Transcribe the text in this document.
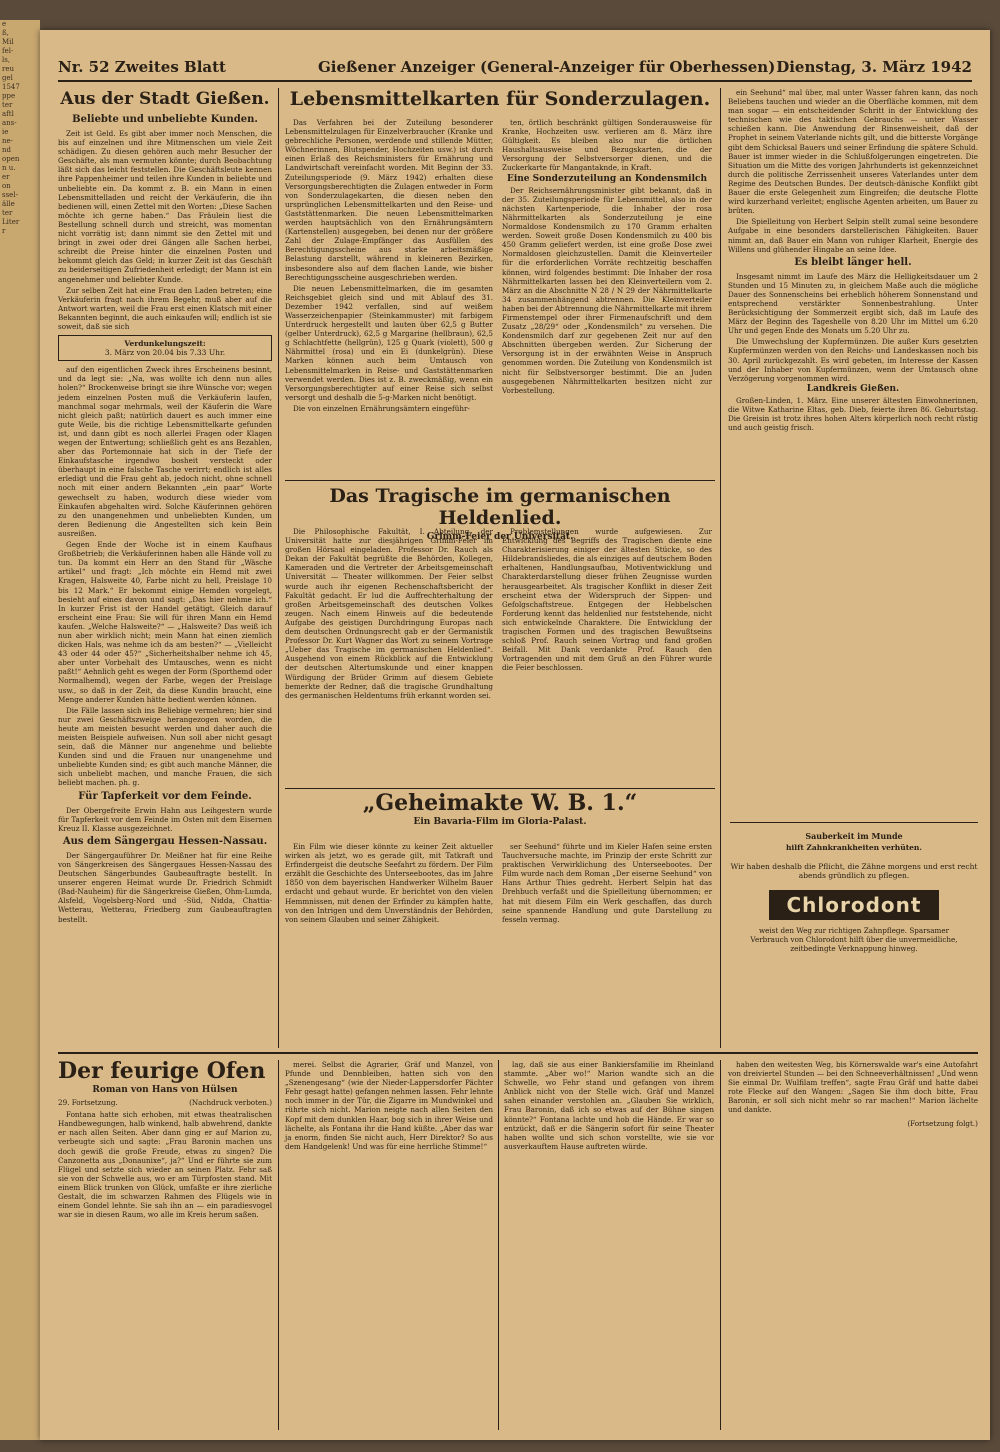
e
ß,
Mil
fel-
ls,
reu
gel
1547
ppe
ter
aftl
ans-
ie
ne-
nd
open
n u.
er
on
ssel-
älle
ter
Liter
r
Nr. 52 Zweites Blatt	Gießener Anzeiger (General-Anzeiger für Oberhessen) Dienstag, 3. März 1942
Aus der Stadt Gießen.
Beliebte und unbeliebte Kunden.

Zeit ist Geld. Es gibt aber immer noch Menschen, die bis auf einzelnen und ihre Mitmenschen um viele Zeit schädigen. Zu diesen gehören auch mehr Besucher der Geschäfte, als man vermuten könnte; durch Beobachtung läßt sich das leicht feststellen. Die Geschäftsleute kennen ihre Pappenheimer und teilen ihre Kunden in beliebte und unbeliebte ein. Da kommt z. B. ein Mann in einen Lebensmittelladen und reicht der Verkäuferin, die ihn bedienen will, einen Zettel mit den Worten: „Diese Sachen möchte ich gerne haben.“ Das Fräulein liest die Bestellung schnell durch und streicht, was momentan nicht vorrätig ist; dann nimmt sie den Zettel mit und bringt in zwei oder drei Gängen alle Sachen herbei, schreibt die Preise hinter die einzelnen Posten und bekommt gleich das Geld; in kurzer Zeit ist das Geschäft zu beiderseitigen Zufriedenheit erledigt; der Mann ist ein angenehmer und beliebter Kunde.

Zur selben Zeit hat eine Frau den Laden betreten; eine Verkäuferin fragt nach ihrem Begehr, muß aber auf die Antwort warten, weil die Frau erst einen Klatsch mit einer Bekannten beginnt, die auch einkaufen will; endlich ist sie soweit, daß sie sich

Verdunkelungszeit:
3. März von 20.04 bis 7.33 Uhr.

auf den eigentlichen Zweck ihres Erscheinens besinnt, und da legt sie: „Na, was wollte ich denn nun alles holen?“ Brockenweise bringt sie ihre Wünsche vor; wegen jedem einzelnen Posten muß die Verkäuferin laufen, manchmal sogar mehrmals, weil der Käuferin die Ware nicht gleich paßt; natürlich dauert es auch immer eine gute Weile, bis die richtige Lebensmittelkarte gefunden ist, und dann gibt es noch allerlei Fragen oder Klagen wegen der Entwertung; schließlich geht es ans Bezahlen, aber das Portemonnaie hat sich in der Tiefe der Einkaufstasche irgendwo bosheit versteckt oder überhaupt in eine falsche Tasche verirrt; endlich ist alles erledigt und die Frau geht ab, jedoch nicht, ohne schnell noch mit einer andern Bekannten „ein paar“ Worte gewechselt zu haben, wodurch diese wieder vom Einkaufen abgehalten wird. Solche Käuferinnen gehören zu den unangenehmen und unbeliebten Kunden, um deren Bedienung die Angestellten sich kein Bein ausreißen.

Gegen Ende der Woche ist in einem Kaufhaus Großbetrieb; die Verkäuferinnen haben alle Hände voll zu tun. Da kommt ein Herr an den Stand für „Wäsche artikel“ und fragt: „Ich möchte ein Hemd mit zwei Kragen, Halsweite 40, Farbe nicht zu hell, Preislage 10 bis 12 Mark.“ Er bekommt einige Hemden vorgelegt, besieht auf eines davon und sagt: „Das hier nehme ich.“ In kurzer Frist ist der Handel getätigt. Gleich darauf erscheint eine Frau: Sie will für ihren Mann ein Hemd kaufen. „Welche Halsweite?“ — „Halsweite? Das weiß ich nun aber wirklich nicht; mein Mann hat einen ziemlich dicken Hals, was nehme ich da am besten?“ — „Vielleicht 43 oder 44 oder 45?“ „Sicherheitshalber nehme ich 45, aber unter Vorbehalt des Umtausches, wenn es nicht paßt!“ Aehnlich geht es wegen der Form (Sporthemd oder Normalhemd), wegen der Farbe, wegen der Preislage usw., so daß in der Zeit, da diese Kundin braucht, eine Menge anderer Kunden hätte bedient werden können.

Die Fälle lassen sich ins Beliebige vermehren; hier sind nur zwei Geschäftszweige herangezogen worden, die heute am meisten besucht werden und daher auch die meisten Beispiele aufweisen. Nun soll aber nicht gesagt sein, daß die Männer nur angenehme und beliebte Kunden sind und die Frauen nur unangenehme und unbeliebte Kunden sind; es gibt auch manche Männer, die sich unbeliebt machen, und manche Frauen, die sich beliebt machen. ph. g.

Für Tapferkeit vor dem Feinde.

Der Obergefreite Erwin Hahn aus Leihgestern wurde für Tapferkeit vor dem Feinde im Osten mit dem Eisernen Kreuz II. Klasse ausgezeichnet.

Aus dem Sängergau Hessen-Nassau.

Der Sängergauführer Dr. Meißner hat für eine Reihe von Sängerkreisen des Sängergaues Hessen-Nassau des Deutschen Sängerbundes Gaubeauftragte bestellt. In unserer engeren Heimat wurde Dr. Friedrich Schmidt (Bad-Nauheim) für die Sängerkreise Gießen, Ohm-Lumda, Alsfeld, Vogelsberg-Nord und -Süd, Nidda, Chattia-Wetterau, Wetterau, Friedberg zum Gaubeauftragten bestellt.

Lebensmittelkarten für Sonderzulagen.

Das Verfahren bei der Zuteilung besonderer Lebensmittelzulagen für Einzelverbraucher (Kranke und gebrechliche Personen, werdende und stillende Mütter, Wöchnerinnen, Blutspender, Hochzeiten usw.) ist durch einen Erlaß des Reichsministers für Ernährung und Landwirtschaft vereinfacht worden. Mit Beginn der 33. Zuteilungsperiode (9. März 1942) erhalten diese Versorgungsberechtigten die Zulagen entweder in Form von Sonderzulagekarten, die diesen neben den ursprünglichen Lebensmittelkarten und den Reise- und Gaststättenmarken. Die neuen Lebensmittelmarken werden hauptsächlich von den Ernährungsämtern (Kartenstellen) ausgegeben, bei denen nur der größere Zahl der Zulage-Empfänger das Ausfüllen des Berechtigungsscheine aus starke arbeitsmäßige Belastung darstellt, während in kleineren Bezirken, insbesondere also auf dem flachen Lande, wie bisher Berechtigungsscheine ausgeschrieben werden.

Die neuen Lebensmittelmarken, die im gesamten Reichsgebiet gleich sind und mit Ablauf des 31. Dezember 1942 verfallen, sind auf weißem Wasserzeichenpapier (Steinkammuster) mit farbigem Unterdruck hergestellt und lauten über 62,5 g Butter (gelber Unterdruck), 62,5 g Margarine (hellbraun), 62,5 g Schlachtfette (hellgrün), 125 g Quark (violett), 500 g Nährmittel (rosa) und ein Ei (dunkelgrün). Diese Marken können auch beim Umtausch von Lebensmittelmarken in Reise- und Gaststättenmarken verwendet werden. Dies ist z. B. zweckmäßig, wenn ein Versorgungsberechtigter auf einer Reise sich selbst versorgt und deshalb die 5-g-Marken nicht benötigt.

Die von einzelnen Ernährungsämtern eingeführ-

ten, örtlich beschränkt gültigen Sonderausweise für Kranke, Hochzeiten usw. verlieren am 8. März ihre Gültigkeit. Es bleiben also nur die örtlichen Haushaltsausweise und Bezugskarten, die der Versorgung der Selbstversorger dienen, und die Zuckerkarte für Mangantaknde, in Kraft.

Eine Sonderzuteilung an Kondensmilch

Der Reichsernährungsminister gibt bekannt, daß in der 35. Zuteilungsperiode für Lebensmittel, also in der nächsten Kartenperiode, die Inhaber der rosa Nährmittelkarten als Sonderzuteilung je eine Normaldose Kondensmilch zu 170 Gramm erhalten werden. Soweit große Dosen Kondensmilch zu 400 bis 450 Gramm geliefert werden, ist eine große Dose zwei Normaldosen gleichzustellen. Damit die Kleinverteiler für die erforderlichen Vorräte rechtzeitig beschaffen können, wird folgendes bestimmt: Die Inhaber der rosa Nährmittelkarten lassen bei den Kleinverteilern vom 2. März an die Abschnitte N 28 / N 29 der Nährmittelkarte 34 zusammenhängend abtrennen. Die Kleinverteiler haben bei der Abtrennung die Nährmittelkarte mit ihrem Firmenstempel oder ihrer Firmenaufschrift und dem Zusatz „28/29“ oder „Kondensmilch“ zu versehen. Die Kondensmilch darf zur gegebenen Zeit nur auf den Abschnitten übergeben werden. Zur Sicherung der Versorgung ist in der erwähnten Weise in Anspruch genommen worden. Die Zuteilung von Kondensmilch ist nicht für Selbstversorger bestimmt. Die an Juden ausgegebenen Nährmittelkarten besitzen nicht zur Vorbestellung.

Das Tragische im germanischen Heldenlied.
Grimm-Feier der Universität.

Die Philosophische Fakultät, I. Abteilung, der Universität hatte zur diesjährigen Grimm-Feier im großen Hörsaal eingeladen. Professor Dr. Rauch als Dekan der Fakultät begrüßte die Behörden, Kollegen, Kameraden und die Vertreter der Arbeitsgemeinschaft Universität — Theater willkommen. Der Feier selbst wurde auch ihr eigenen Rechenschaftsbericht der Fakultät gedacht. Er lud die Auffrechterhaltung der großen Arbeitsgemeinschaft des deutschen Volkes zeugen. Nach einem Hinweis auf die bedeutende Aufgabe des geistigen Durchdringung Europas nach dem deutschen Ordnungsrecht gab er der Germanistik Professor Dr. Kurt Wagner das Wort zu seinem Vortrage „Ueber das Tragische im germanischen Heldenlied“. Ausgehend von einem Rückblick auf die Entwicklung der deutschen Altertumskunde und einer knappen Würdigung der Brüder Grimm auf diesem Gebiete bemerkte der Redner, daß die tragische Grundhaltung des germanischen Heldentums früh erkannt worden sei.

Problemstellungen wurde aufgewiesen. Zur Entwicklung des Begriffs des Tragischen diente eine Charakterisierung einiger der ältesten Stücke, so des Hildebrandsliedes, die als einziges auf deutschem Boden erhaltenen, Handlungsaufbau, Motiventwicklung und Charakterdarstellung dieser frühen Zeugnisse wurden herausgearbeitet. Als tragischer Konflikt in dieser Zeit erscheint etwa der Widerspruch der Sippen- und Gefolgschaftstreue. Entgegen der Hebbelschen Forderung kennt das heldenlied nur feststehende, nicht sich entwickelnde Charaktere. Die Entwicklung der tragischen Formen und des tragischen Bewußtseins schloß Prof. Rauch seinen Vortrag und fand großen Beifall. Mit Dank verdankte Prof. Rauch den Vortragenden und mit dem Gruß an den Führer wurde die Feier beschlossen.

„Geheimakte W. B. 1.“
Ein Bavaria-Film im Gloria-Palast.

Ein Film wie dieser könnte zu keiner Zeit aktueller wirken als jetzt, wo es gerade gilt, mit Tatkraft und Erfindergeist die deutsche Seefahrt zu fördern. Der Film erzählt die Geschichte des Unterseebootes, das im Jahre 1850 von dem bayerischen Handwerker Wilhelm Bauer erdacht und gebaut wurde. Er berichtet von den vielen Hemmnissen, mit denen der Erfinder zu kämpfen hatte, von den Intrigen und dem Unverständnis der Behörden, von seinem Glauben und seiner Zähigkeit.

ser Seehund“ führte und im Kieler Hafen seine ersten Tauchversuche machte, im Prinzip der erste Schritt zur praktischen Verwirklichung des Unterseebootes. Der Film wurde nach dem Roman „Der eiserne Seehund“ von Hans Arthur Thies gedreht. Herbert Selpin hat das Drehbuch verfaßt und die Spielleitung übernommen; er hat mit diesem Film ein Werk geschaffen, das durch seine spannende Handlung und gute Darstellung zu fesseln vermag.

ein Seehund“ mal über, mal unter Wasser fahren kann, das noch Beliebens tauchen und wieder an die Oberfläche kommen, mit dem man sogar — ein entscheidender Schritt in der Entwicklung des technischen wie des taktischen Gebrauchs — unter Wasser schießen kann. Die Anwendung der Rinsenweisheit, daß der Prophet in seinem Vaterlande nichts gilt, und die bitterste Vorgänge gibt dem Schicksal Bauers und seiner Erfindung die spätere Schuld. Bauer ist immer wieder in die Schlußfolgerungen eingetreten. Die Situation um die Mitte des vorigen Jahrhunderts ist gekennzeichnet durch die politische Zerrissenheit unseres Vaterlandes unter dem Regime des Deutschen Bundes. Der deutsch-dänische Konflikt gibt Bauer die erste Gelegenheit zum Eingreifen; die deutsche Flotte wird kurzerhand verleitet; englische Agenten arbeiten, um Bauer zu brüten.

Die Spielleitung von Herbert Selpin stellt zumal seine besondere Aufgabe in eine besonders darstellerischen Fähigkeiten. Bauer nimmt an, daß Bauer ein Mann von ruhiger Klarheit, Energie des Willens und glühender Hingabe an seine Idee.

Es bleibt länger hell.

Insgesamt nimmt im Laufe des März die Helligkeitsdauer um 2 Stunden und 15 Minuten zu, in gleichem Maße auch die mögliche Dauer des Sonnenscheins bei erheblich höherem Sonnenstand und entsprechend verstärkter Sonnenbestrahlung. Unter Berücksichtigung der Sommerzeit ergibt sich, daß im Laufe des März der Beginn des Tageshelle von 8.20 Uhr im Mittel um 6.20 Uhr und gegen Ende des Monats um 5.20 Uhr zu.

Die Umwechslung der Kupfermünzen. Die außer Kurs gesetzten Kupfermünzen werden von den Reichs- und Landeskassen noch bis 30. April zurückgezahlt. Es wird gebeten, im Interesse der Kassen und der Inhaber von Kupfermünzen, wenn der Umtausch ohne Verzögerung vorgenommen wird.

Landkreis Gießen.

Großen-Linden, 1. März. Eine unserer ältesten Einwohnerinnen, die Witwe Katharine Eltas, geb. Dieb, feierte ihren 86. Geburtstag. Die Greisin ist trotz ihres hohen Alters körperlich noch recht rüstig und auch geistig frisch.

Sauberkeit im Munde
hilft Zahnkrankheiten verhüten.
Wir haben deshalb die Pflicht, die Zähne morgens und erst recht abends gründlich zu pflegen.
Chlorodont
weist den Weg zur richtigen Zahnpflege. Sparsamer Verbrauch von Chlorodont hilft über die unvermeidliche, zeitbedingte Verknappung hinweg.
Der feurige Ofen
Roman von Hans von Hülsen
29. Fortsetzung.	(Nachdruck verboten.)

Fontana hatte sich erhoben, mit etwas theatralischen Handbewegungen, halb winkend, halb abwehrend, dankte er nach allen Seiten. Aber dann ging er auf Marion zu, verbeugte sich und sagte: „Frau Baronin machen uns doch gewiß die große Freude, etwas zu singen? Die Canzonetta aus „Donaunixe“, ja?“ Und er führte sie zum Flügel und setzte sich wieder an seinen Platz. Fehr saß sie von der Schwelle aus, wo er am Türpfosten stand. Mit einem Blick trunken von Glück, umfaßte er ihre zierliche Gestalt, die im schwarzen Rahmen des Flügels wie in einem Gondel lehnte. Sie sah ihn an — ein paradiesvogel war sie in diesen Raum, wo alle im Kreis herum saßen.

merei. Selbst die Agrarier, Gräf und Manzel, von Pfunde und Dennbleiben, hatten sich von den „Szenengesang“ (wie der Nieder-Lappersdorfer Pächter Fehr gesagt hatte) gefangen nehmen lassen. Fehr lehnte noch immer in der Tür, die Zigarre im Mundwinkel und rührte sich nicht. Marion neigte nach allen Seiten den Kopf mit dem dunklen Haar, bog sich in ihrer Weise und lächelte, als Fontana ihr die Hand küßte. „Aber das war ja enorm, finden Sie nicht auch, Herr Direktor? So aus dem Handgelenk! Und was für eine herrliche Stimme!“

lag, daß sie aus einer Bankiersfamilie im Rheinland stammte. „Aber wo!“ Marion wandte sich an die Schwelle, wo Fehr stand und gefangen von ihrem Anblick nicht von der Stelle wich. Gräf und Manzel sahen einander verstohlen an. „Glauben Sie wirklich, Frau Baronin, daß ich so etwas auf der Bühne singen könnte?“ Fontana lachte und hob die Hände. Er war so entzückt, daß er die Sängerin sofort für seine Theater haben wollte und sich schon vorstellte, wie sie vor ausverkauftem Hause auftreten würde.

haben den weitesten Weg, bis Körnerswalde war's eine Autofahrt von dreiviertel Stunden — bei den Schneeverhältnissen! „Und wenn Sie einmal Dr. Wulfilam treffen“, sagte Frau Gräf und hatte dabei rote Flecke auf den Wangen: „Sagen Sie ihm doch bitte, Frau Baronin, er soll sich nicht mehr so rar machen!“ Marion lächelte und dankte.

(Fortsetzung folgt.)
